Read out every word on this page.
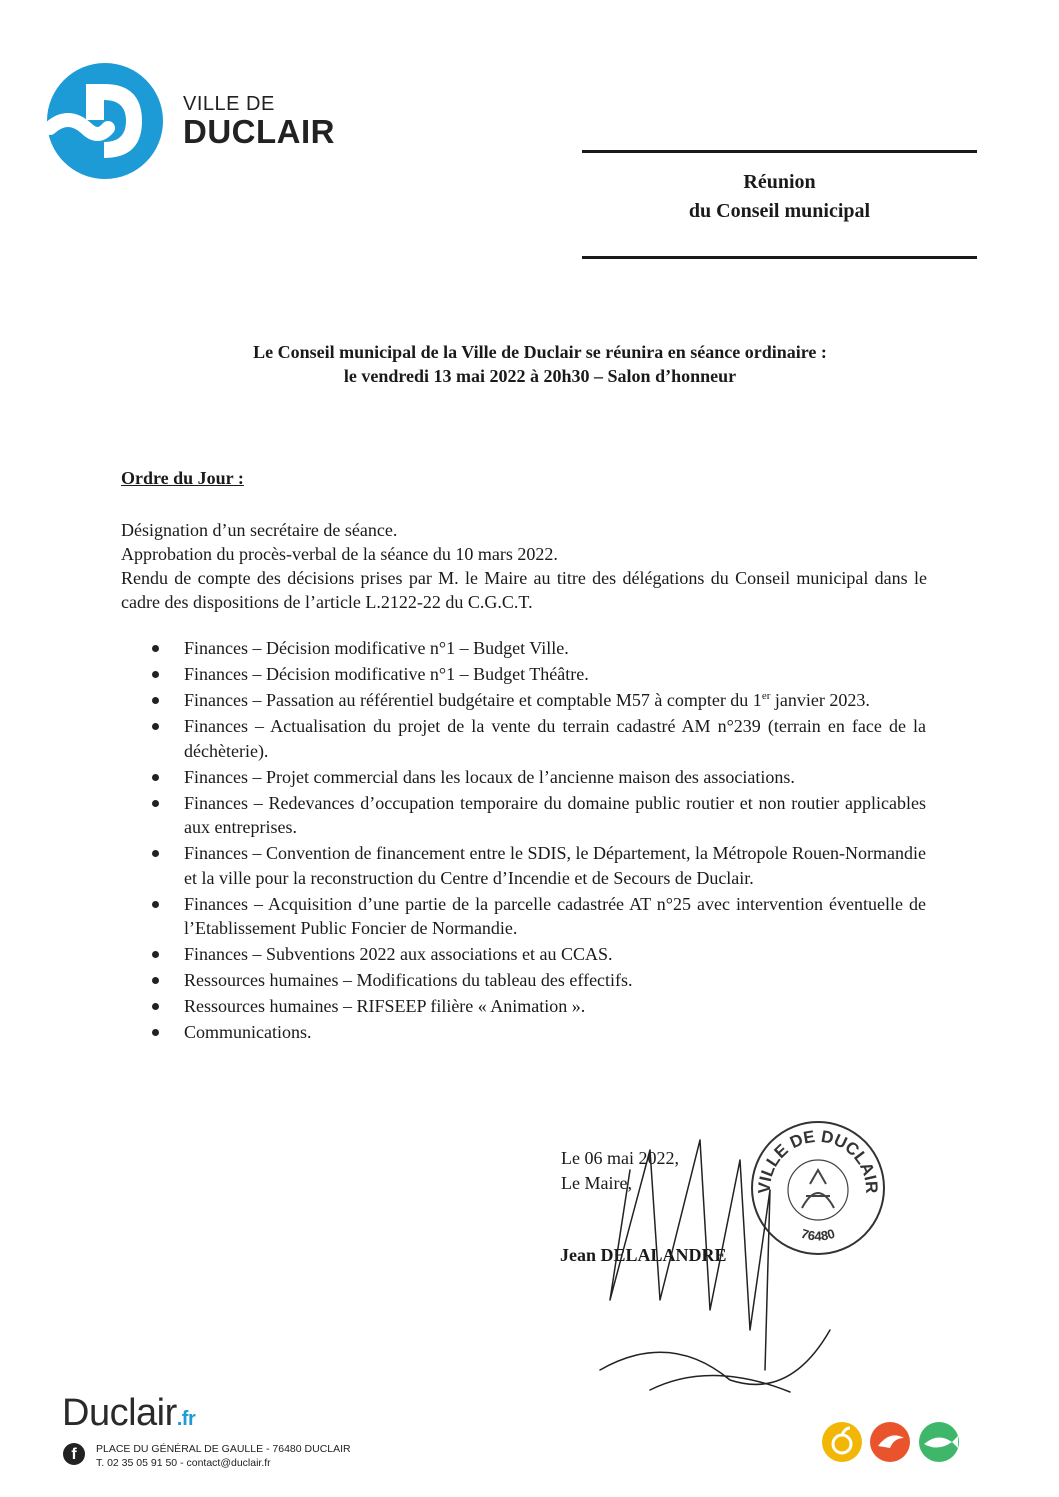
VILLE DE
DUCLAIR
Réunion
du Conseil municipal
Le Conseil municipal de la Ville de Duclair se réunira en séance ordinaire :
le vendredi 13 mai 2022 à 20h30 – Salon d’honneur
Ordre du Jour :

Désignation d’un secrétaire de séance.

Approbation du procès-verbal de la séance du 10 mars 2022.

Rendu de compte des décisions prises par M. le Maire au titre des délégations du Conseil municipal dans le cadre des dispositions de l’article L.2122-22 du C.G.C.T.

Finances – Décision modificative n°1 – Budget Ville.
Finances – Décision modificative n°1 – Budget Théâtre.
Finances – Passation au référentiel budgétaire et comptable M57 à compter du 1er janvier 2023.
Finances – Actualisation du projet de la vente du terrain cadastré AM n°239 (terrain en face de la déchèterie).
Finances – Projet commercial dans les locaux de l’ancienne maison des associations.
Finances – Redevances d’occupation temporaire du domaine public routier et non routier applicables aux entreprises.
Finances – Convention de financement entre le SDIS, le Département, la Métropole Rouen-Normandie et la ville pour la reconstruction du Centre d’Incendie et de Secours de Duclair.
Finances – Acquisition d’une partie de la parcelle cadastrée AT n°25 avec intervention éventuelle de l’Etablissement Public Foncier de Normandie.
Finances – Subventions 2022 aux associations et au CCAS.
Ressources humaines – Modifications du tableau des effectifs.
Ressources humaines – RIFSEEP filière « Animation ».
Communications.
Le 06 mai 2022,
Le Maire,
Jean DELALANDRE
VILLE DE DUCLAIR
76480
Duclair.fr
f	PLACE DU GÉNÉRAL DE GAULLE - 76480 DUCLAIR
T. 02 35 05 91 50 - contact@duclair.fr
